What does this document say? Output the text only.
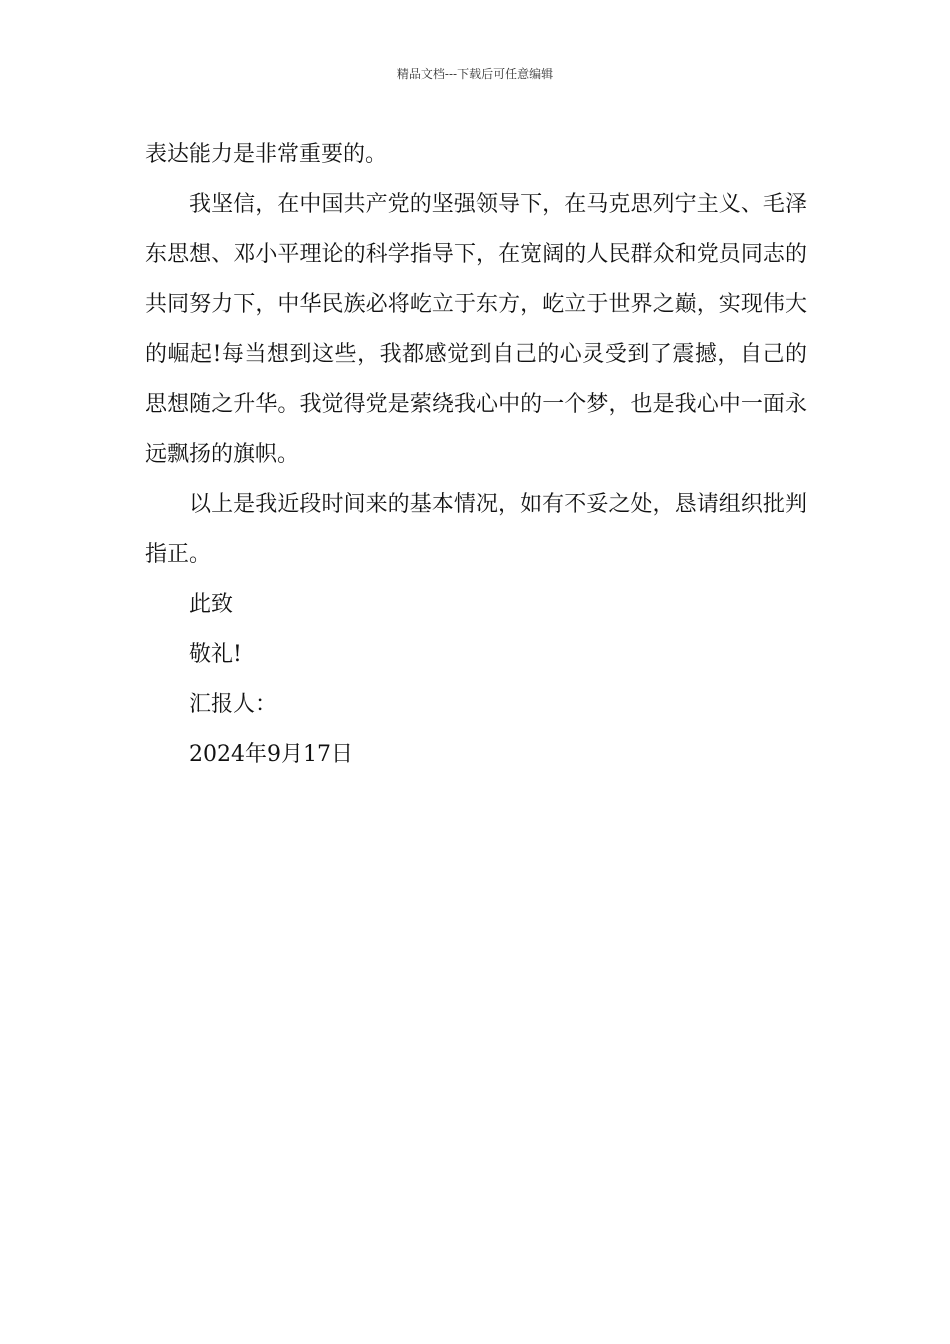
精品文档---下载后可任意编辑

表达能力是非常重要的。

我坚信，在中国共产党的坚强领导下，在马克思列宁主义、毛泽东思想、邓小平理论的科学指导下，在宽阔的人民群众和党员同志的共同努力下，中华民族必将屹立于东方，屹立于世界之巅，实现伟大的崛起!每当想到这些，我都感觉到自己的心灵受到了震撼，自己的思想随之升华。我觉得党是萦绕我心中的一个梦，也是我心中一面永远飘扬的旗帜。

以上是我近段时间来的基本情况，如有不妥之处，恳请组织批判指正。

此致

敬礼!

汇报人：

2024年9月17日
